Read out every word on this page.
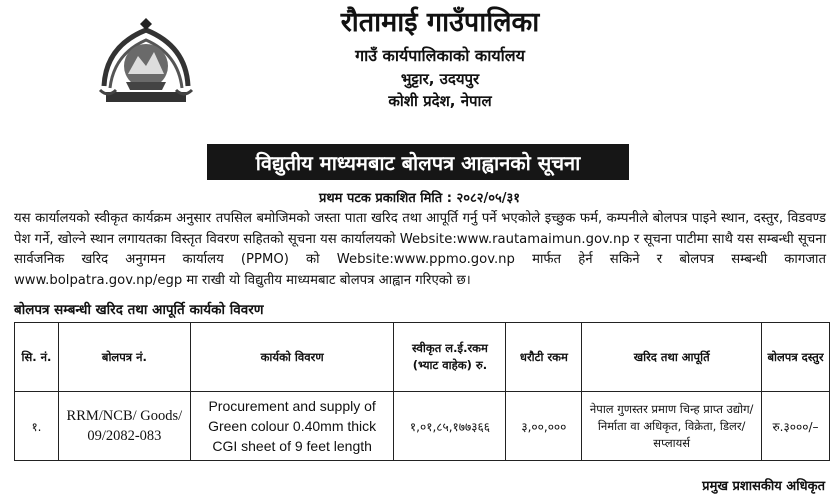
रौतामाई गाउँपालिका
गाउँ कार्यपालिकाको कार्यालय
भुट्टार, उदयपुर
कोशी प्रदेश, नेपाल
विद्युतीय माध्यमबाट बोलपत्र आह्वानको सूचना
प्रथम पटक प्रकाशित मिति : २०८२/०५/३१
यस कार्यालयको स्वीकृत कार्यक्रम अनुसार तपसिल बमोजिमको जस्ता पाता खरिद तथा आपूर्ति गर्नु पर्ने भएकोले इच्छुक फर्म, कम्पनीले बोलपत्र पाइने स्थान, दस्तुर, विडवण्ड पेश गर्ने, खोल्ने स्थान लगायतका विस्तृत विवरण सहितको सूचना यस कार्यालयको Website:www.rautamaimun.gov.np र सूचना पाटीमा साथै यस सम्बन्धी सूचना सार्वजनिक खरिद अनुगमन कार्यालय (PPMO) को Website:www.ppmo.gov.np मार्फत हेर्न सकिने र बोलपत्र सम्बन्धी कागजात www.bolpatra.gov.np/egp मा राखी यो विद्युतीय माध्यमबाट बोलपत्र आह्वान गरिएको छ।
बोलपत्र सम्बन्धी खरिद तथा आपूर्ति कार्यको विवरण
सि. नं.	बोलपत्र नं.	कार्यको विवरण	स्वीकृत ल.ई.रकम (भ्याट वाहेक) रु.	धरौटी रकम	खरिद तथा आपूर्ति	बोलपत्र दस्तुर
१.	RRM/NCB/ Goods/ 09/2082-083	Procurement and supply of Green colour 0.40mm thick CGI sheet of 9 feet length	१,०१,८५,१७७३६६	३,००,०००	नेपाल गुणस्तर प्रमाण चिन्ह प्राप्त उद्योग/निर्माता वा अधिकृत, विक्रेता, डिलर/सप्लायर्स	रु.३०००/–
प्रमुख प्रशासकीय अधिकृत
